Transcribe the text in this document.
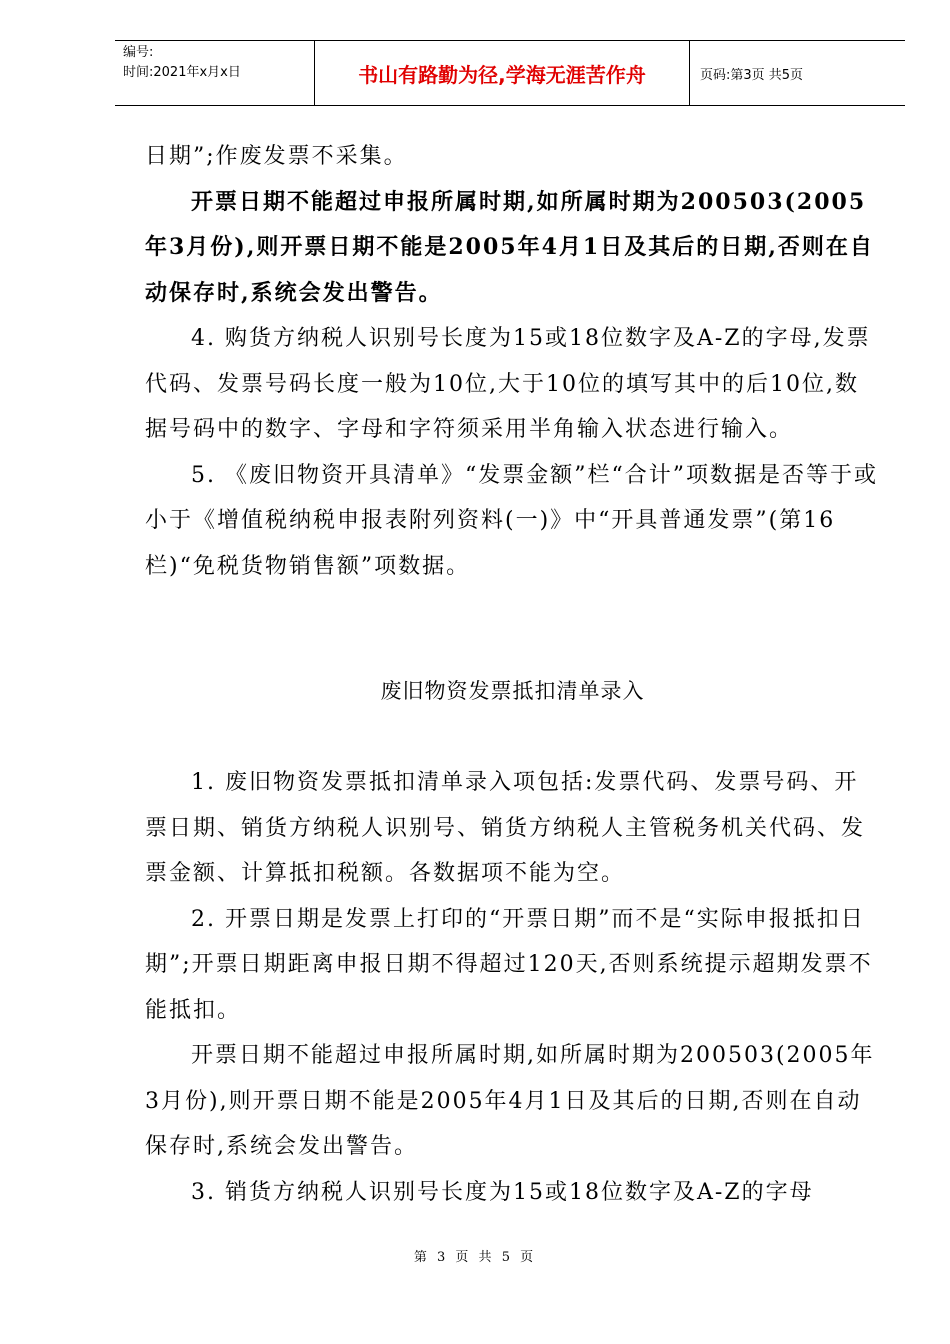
编号:
时间:2021年x月x日	书山有路勤为径,学海无涯苦作舟	页码:第3页 共5页

日期”;作废发票不采集。

开票日期不能超过申报所属时期,如所属时期为200503(2005年3月份),则开票日期不能是2005年4月1日及其后的日期,否则在自动保存时,系统会发出警告。

4. 购货方纳税人识别号长度为15或18位数字及A-Z的字母,发票代码、发票号码长度一般为10位,大于10位的填写其中的后10位,数据号码中的数字、字母和字符须采用半角输入状态进行输入。

5. 《废旧物资开具清单》“发票金额”栏“合计”项数据是否等于或小于《增值税纳税申报表附列资料(一)》中“开具普通发票”(第16栏)“免税货物销售额”项数据。

废旧物资发票抵扣清单录入

1. 废旧物资发票抵扣清单录入项包括:发票代码、发票号码、开票日期、销货方纳税人识别号、销货方纳税人主管税务机关代码、发票金额、计算抵扣税额。各数据项不能为空。

2. 开票日期是发票上打印的“开票日期”而不是“实际申报抵扣日期”;开票日期距离申报日期不得超过120天,否则系统提示超期发票不能抵扣。

开票日期不能超过申报所属时期,如所属时期为200503(2005年3月份),则开票日期不能是2005年4月1日及其后的日期,否则在自动保存时,系统会发出警告。

3. 销货方纳税人识别号长度为15或18位数字及A-Z的字母

第 3 页 共 5 页
